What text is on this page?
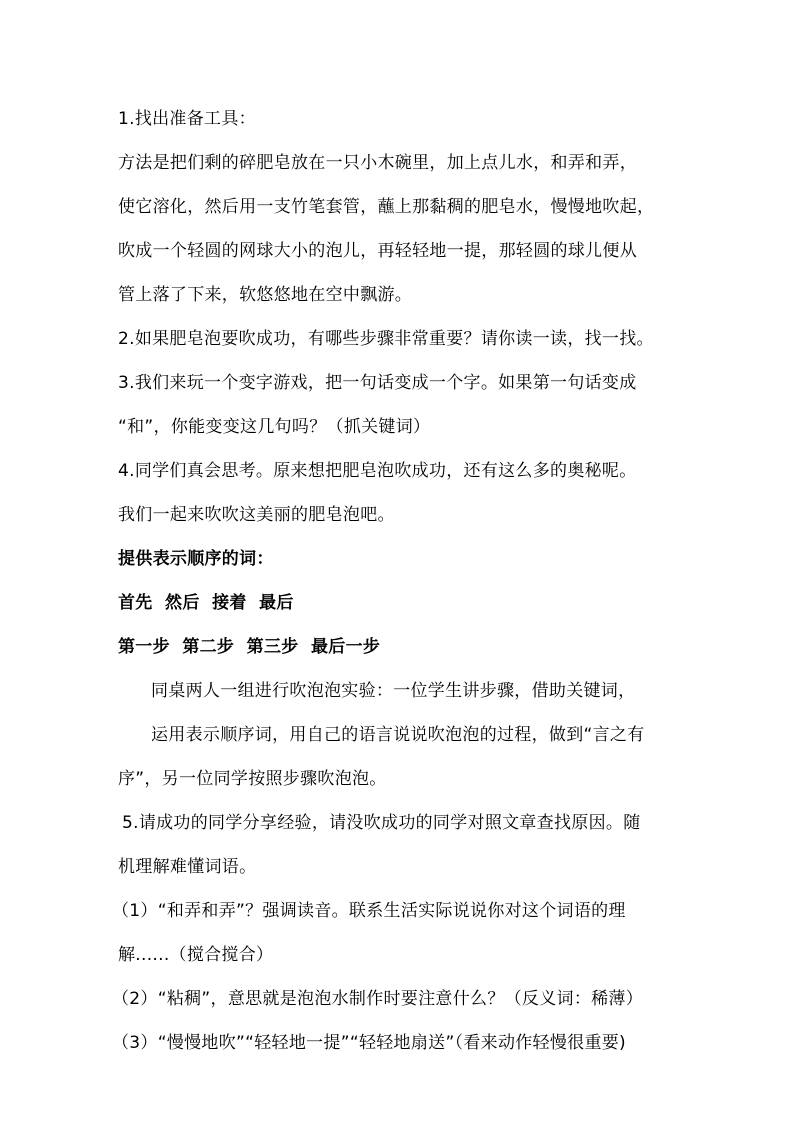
1.找出准备工具：
方法是把们剩的碎肥皂放在一只小木碗里，加上点儿水，和弄和弄，
使它溶化，然后用一支竹笔套管，蘸上那黏稠的肥皂水，慢慢地吹起，
吹成一个轻圆的网球大小的泡儿，再轻轻地一提，那轻圆的球儿便从
管上落了下来，软悠悠地在空中飘游。
2.如果肥皂泡要吹成功，有哪些步骤非常重要？请你读一读，找一找。
3.我们来玩一个变字游戏，把一句话变成一个字。如果第一句话变成
“和”，你能变变这几句吗？（抓关键词）
4.同学们真会思考。原来想把肥皂泡吹成功，还有这么多的奥秘呢。
我们一起来吹吹这美丽的肥皂泡吧。
提供表示顺序的词：
首先  然后  接着  最后
第一步  第二步  第三步  最后一步
同桌两人一组进行吹泡泡实验：一位学生讲步骤，借助关键词，
运用表示顺序词，用自己的语言说说吹泡泡的过程，做到“言之有
序”，另一位同学按照步骤吹泡泡。
5.请成功的同学分享经验，请没吹成功的同学对照文章查找原因。随
机理解难懂词语。
（1）“和弄和弄”？强调读音。联系生活实际说说你对这个词语的理
解......（搅合搅合）
（2）“粘稠”，意思就是泡泡水制作时要注意什么？（反义词：稀薄）
（3）“慢慢地吹”“轻轻地一提”“轻轻地扇送”（看来动作轻慢很重要)
